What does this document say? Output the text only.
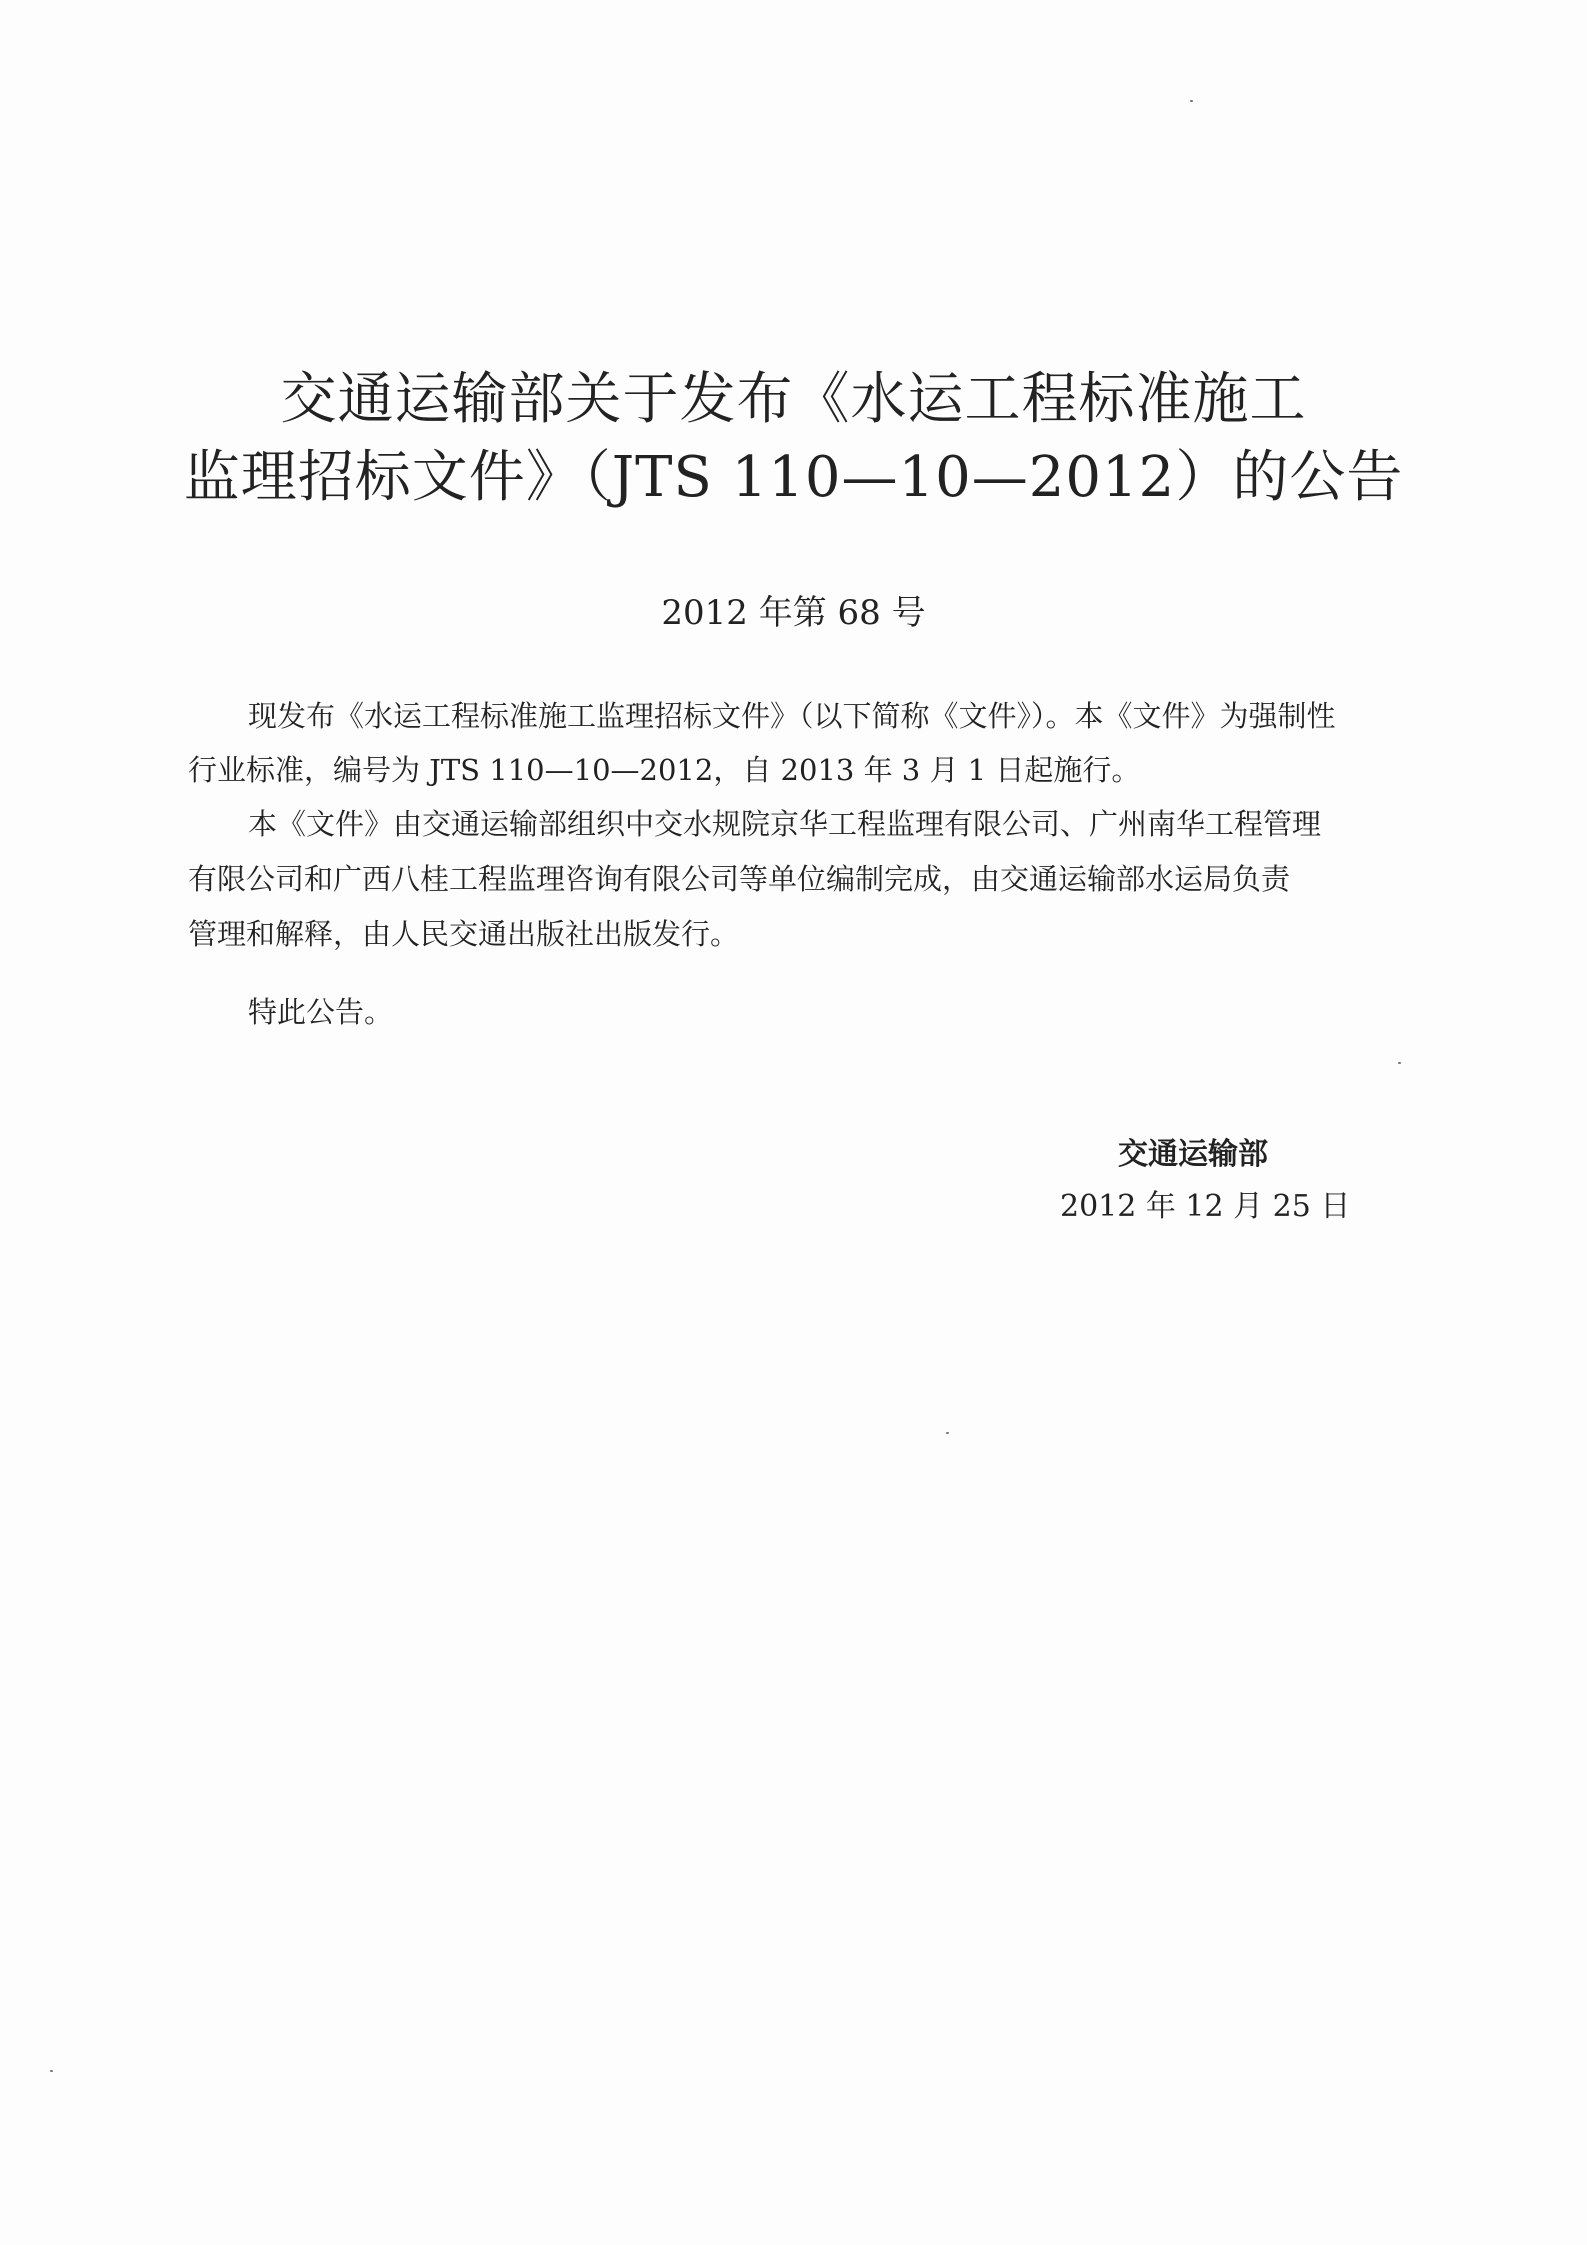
交通运输部关于发布《水运工程标准施工
监理招标文件》（JTS 110—10—2012）的公告
2012 年第 68 号
现发布《水运工程标准施工监理招标文件》（以下简称《文件》）。本《文件》为强制性
行业标准，编号为 JTS 110—10—2012，自 2013 年 3 月 1 日起施行。
本《文件》由交通运输部组织中交水规院京华工程监理有限公司、广州南华工程管理
有限公司和广西八桂工程监理咨询有限公司等单位编制完成，由交通运输部水运局负责
管理和解释，由人民交通出版社出版发行。
特此公告。
交通运输部
2012 年 12 月 25 日
